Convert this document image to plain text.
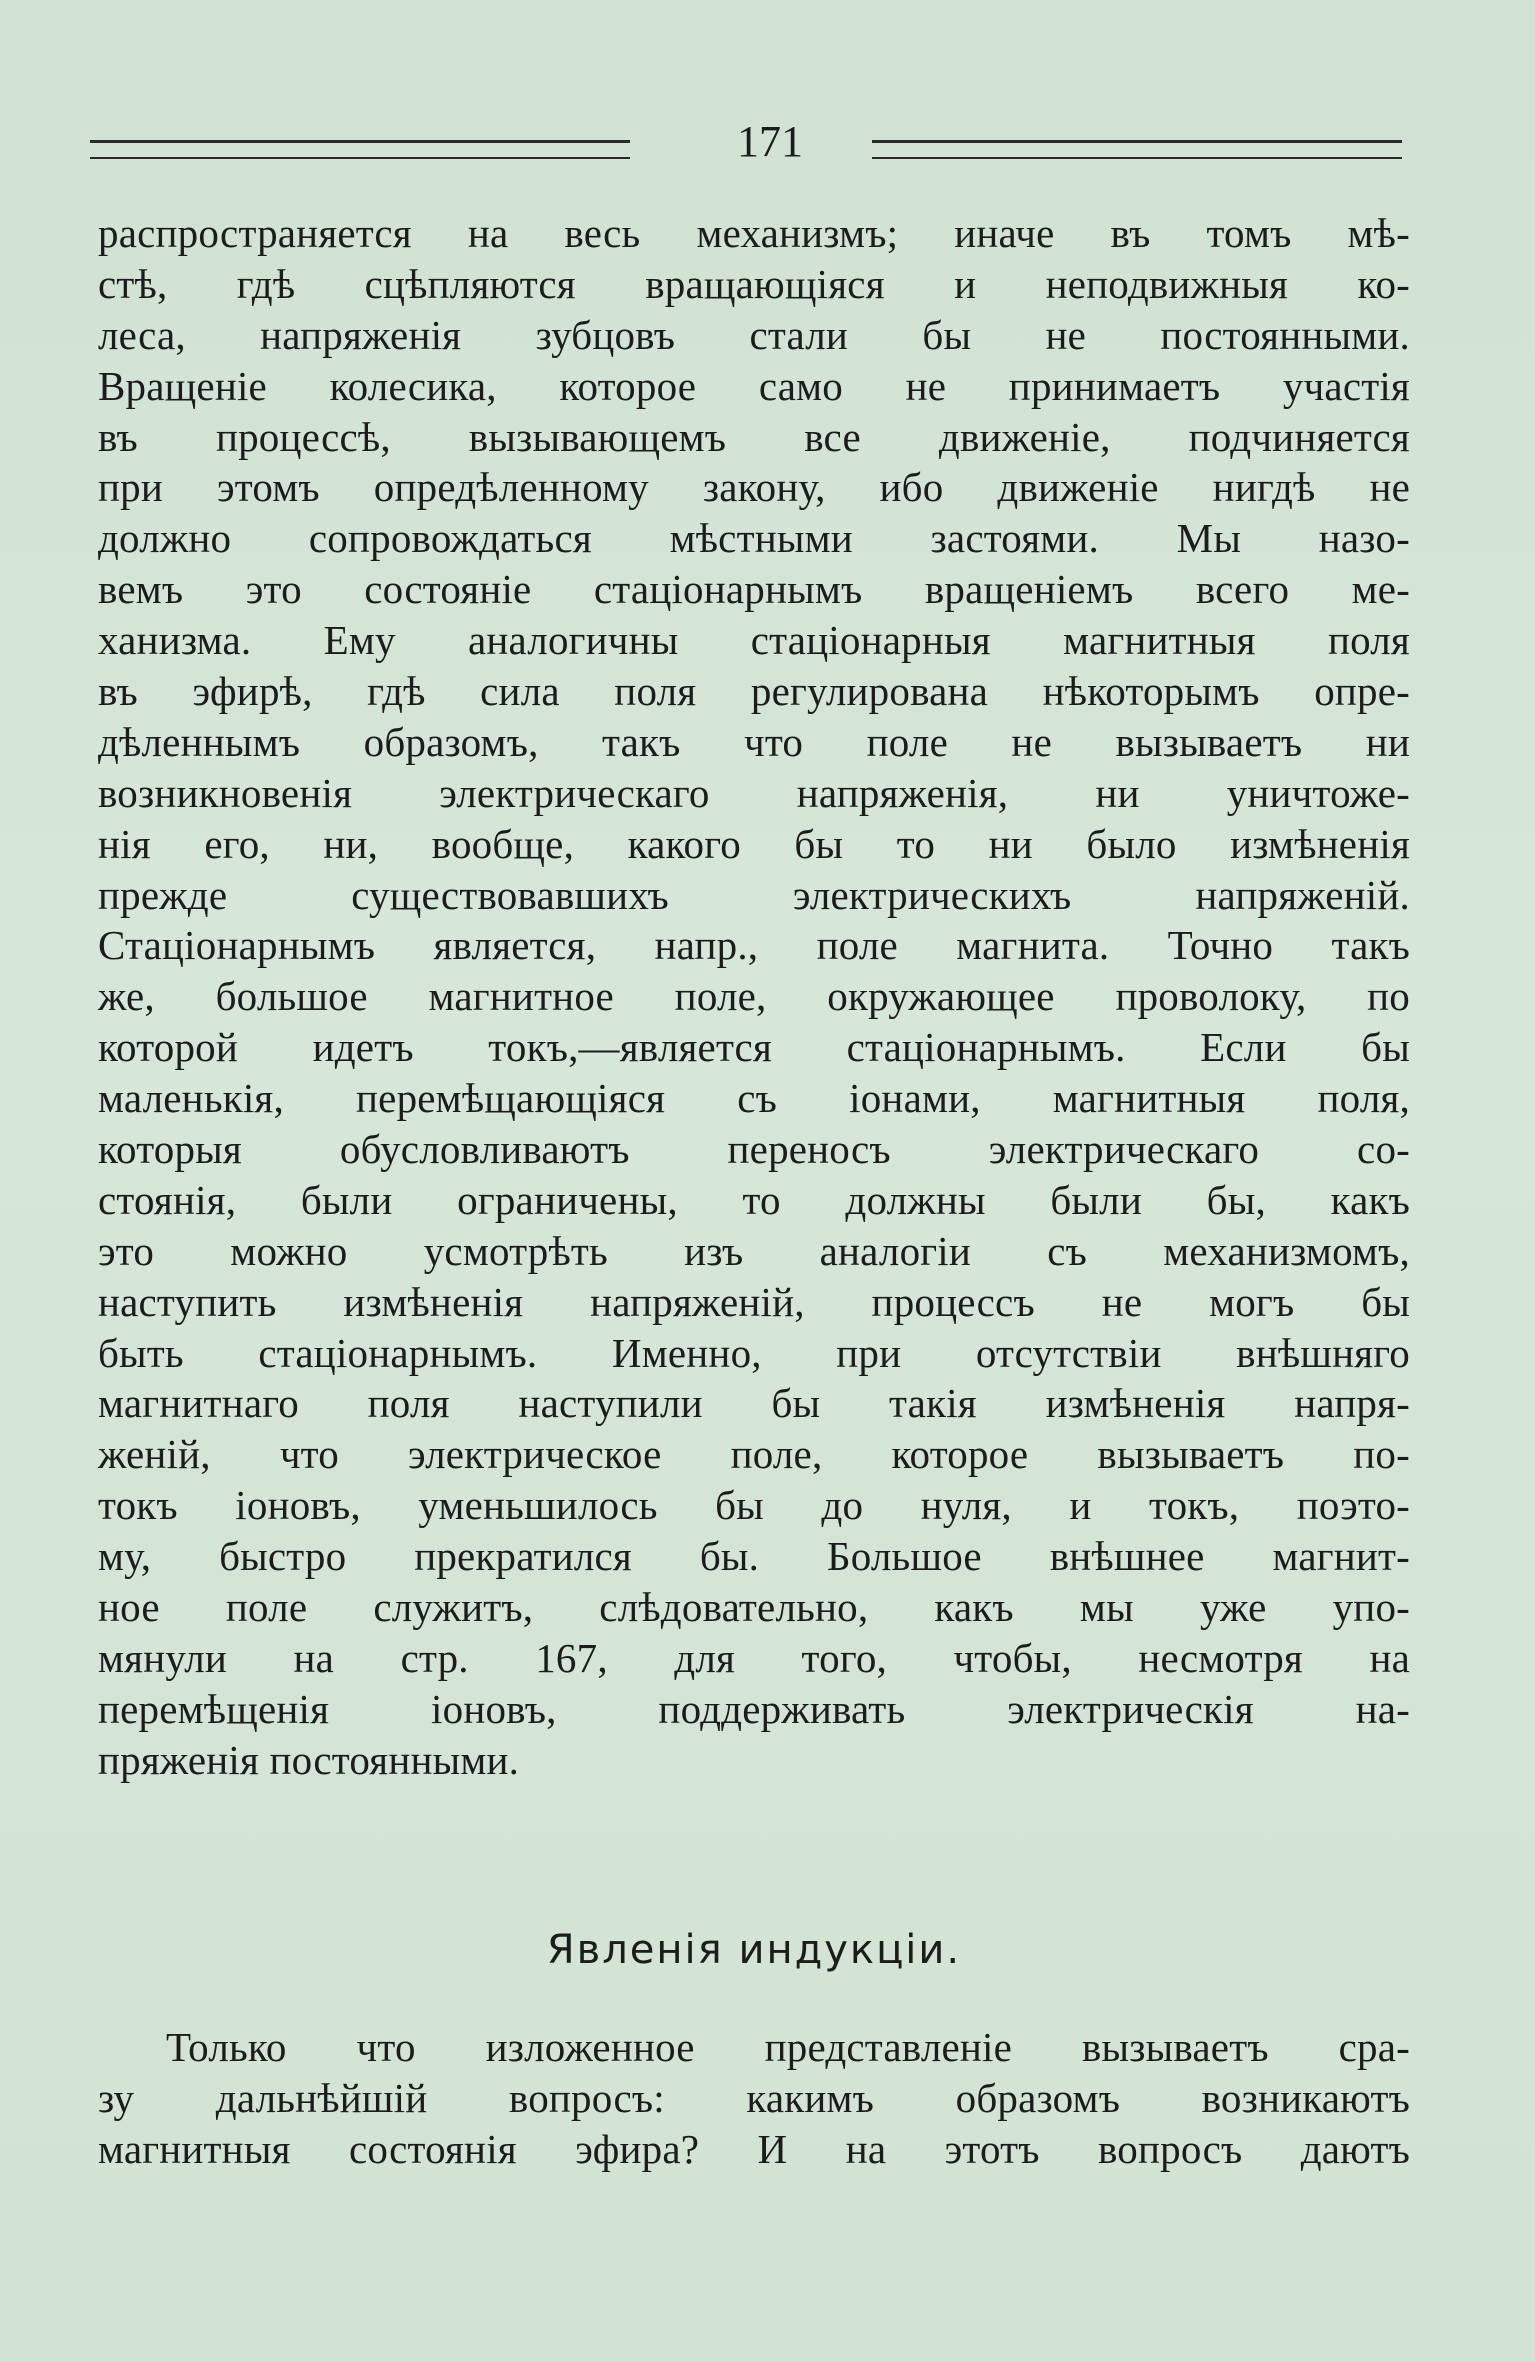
171
распространяется на весь механизмъ; иначе въ томъ мѣ-
стѣ, гдѣ сцѣпляются вращающіяся и неподвижныя ко-
леса, напряженія зубцовъ стали бы не постоянными.
Вращеніе колесика, которое само не принимаетъ участія
въ процессѣ, вызывающемъ все движеніе, подчиняется
при этомъ опредѣленному закону, ибо движеніе нигдѣ не
должно сопровождаться мѣстными застоями. Мы назо-
вемъ это состояніе стаціонарнымъ вращеніемъ всего ме-
ханизма. Ему аналогичны стаціонарныя магнитныя поля
въ эфирѣ, гдѣ сила поля регулирована нѣкоторымъ опре-
дѣленнымъ образомъ, такъ что поле не вызываетъ ни
возникновенія электрическаго напряженія, ни уничтоже-
нія его, ни, вообще, какого бы то ни было измѣненія
прежде существовавшихъ электрическихъ напряженій.
Стаціонарнымъ является, напр., поле магнита. Точно такъ
же, большое магнитное поле, окружающее проволоку, по
которой идетъ токъ,—является стаціонарнымъ. Если бы
маленькія, перемѣщающіяся съ іонами, магнитныя поля,
которыя обусловливаютъ переносъ электрическаго со-
стоянія, были ограничены, то должны были бы, какъ
это можно усмотрѣть изъ аналогіи съ механизмомъ,
наступить измѣненія напряженій, процессъ не могъ бы
быть стаціонарнымъ. Именно, при отсутствіи внѣшняго
магнитнаго поля наступили бы такія измѣненія напря-
женій, что электрическое поле, которое вызываетъ по-
токъ іоновъ, уменьшилось бы до нуля, и токъ, поэто-
му, быстро прекратился бы. Большое внѣшнее магнит-
ное поле служитъ, слѣдовательно, какъ мы уже упо-
мянули на стр. 167, для того, чтобы, несмотря на
перемѣщенія іоновъ, поддерживать электрическія на-
пряженія постоянными.
Явленія индукціи.
Только что изложенное представленіе вызываетъ сра-
зу дальнѣйшій вопросъ: какимъ образомъ возникаютъ
магнитныя состоянія эфира? И на этотъ вопросъ даютъ
